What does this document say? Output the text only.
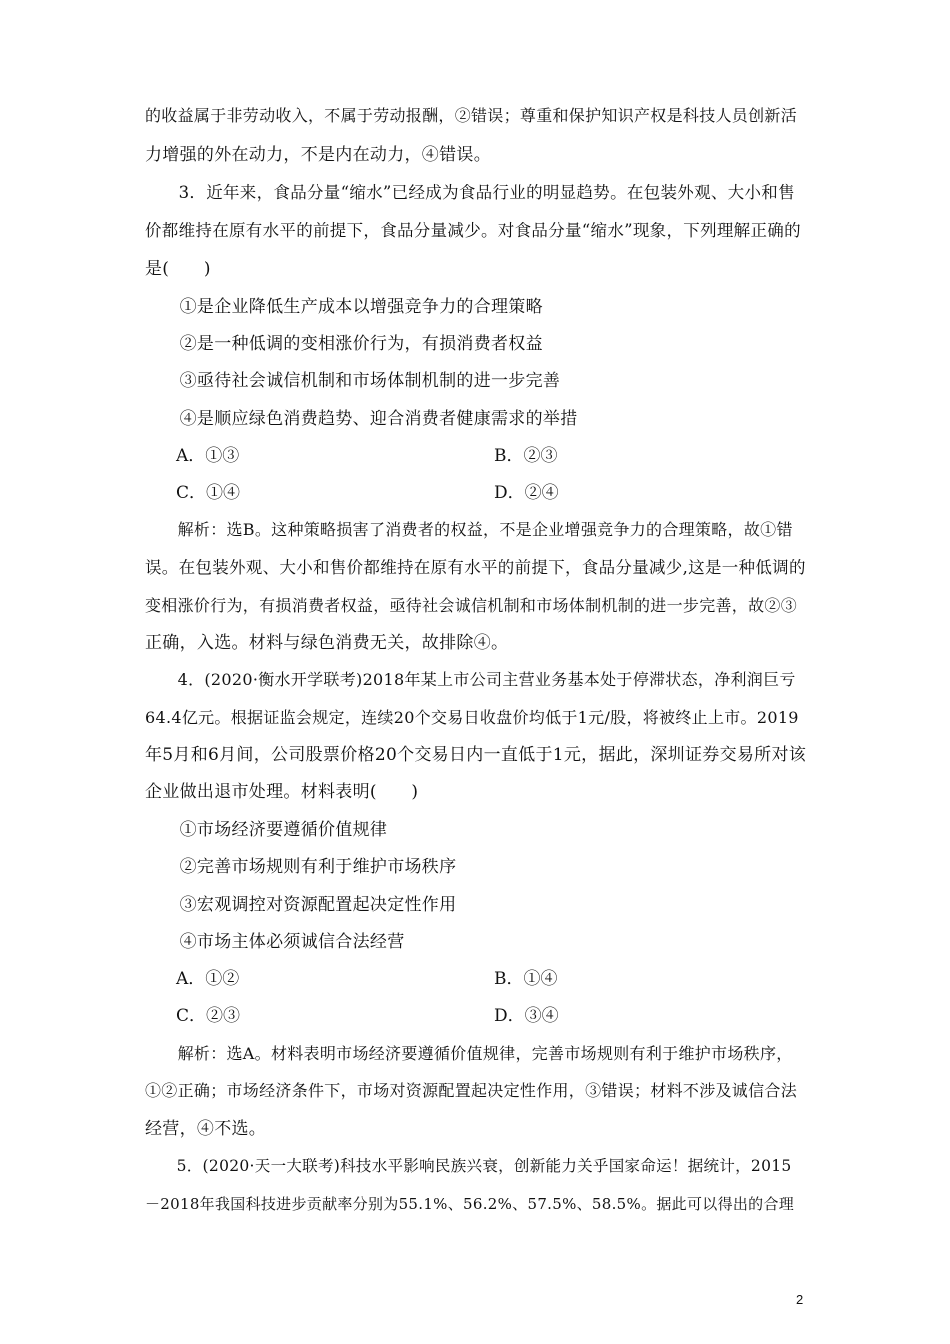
的收益属于非劳动收入，不属于劳动报酬，②错误；尊重和保护知识产权是科技人员创新活
力增强的外在动力，不是内在动力，④错误。
　　3．近年来，食品分量“缩水”已经成为食品行业的明显趋势。在包装外观、大小和售
价都维持在原有水平的前提下，食品分量减少。对食品分量“缩水”现象，下列理解正确的
是(　　)
　　①是企业降低生产成本以增强竞争力的合理策略
　　②是一种低调的变相涨价行为，有损消费者权益
　　③亟待社会诚信机制和市场体制机制的进一步完善
　　④是顺应绿色消费趋势、迎合消费者健康需求的举措
A．①③	B．②③
C．①④	D．②④
　　解析：选B。这种策略损害了消费者的权益，不是企业增强竞争力的合理策略，故①错
误。在包装外观、大小和售价都维持在原有水平的前提下，食品分量减少,这是一种低调的
变相涨价行为，有损消费者权益，亟待社会诚信机制和市场体制机制的进一步完善，故②③
正确，入选。材料与绿色消费无关，故排除④。
　　4．(2020·衡水开学联考)2018年某上市公司主营业务基本处于停滞状态，净利润巨亏
64.4亿元。根据证监会规定，连续20个交易日收盘价均低于1元/股，将被终止上市。2019
年5月和6月间，公司股票价格20个交易日内一直低于1元，据此，深圳证券交易所对该
企业做出退市处理。材料表明(　　)
　　①市场经济要遵循价值规律
　　②完善市场规则有利于维护市场秩序
　　③宏观调控对资源配置起决定性作用
　　④市场主体必须诚信合法经营
A．①②	B．①④
C．②③	D．③④
　　解析：选A。材料表明市场经济要遵循价值规律，完善市场规则有利于维护市场秩序，
①②正确；市场经济条件下，市场对资源配置起决定性作用，③错误；材料不涉及诚信合法
经营，④不选。
　　5．(2020·天一大联考)科技水平影响民族兴衰，创新能力关乎国家命运！据统计，2015
－2018年我国科技进步贡献率分别为55.1%、56.2%、57.5%、58.5%。据此可以得出的合理
2
